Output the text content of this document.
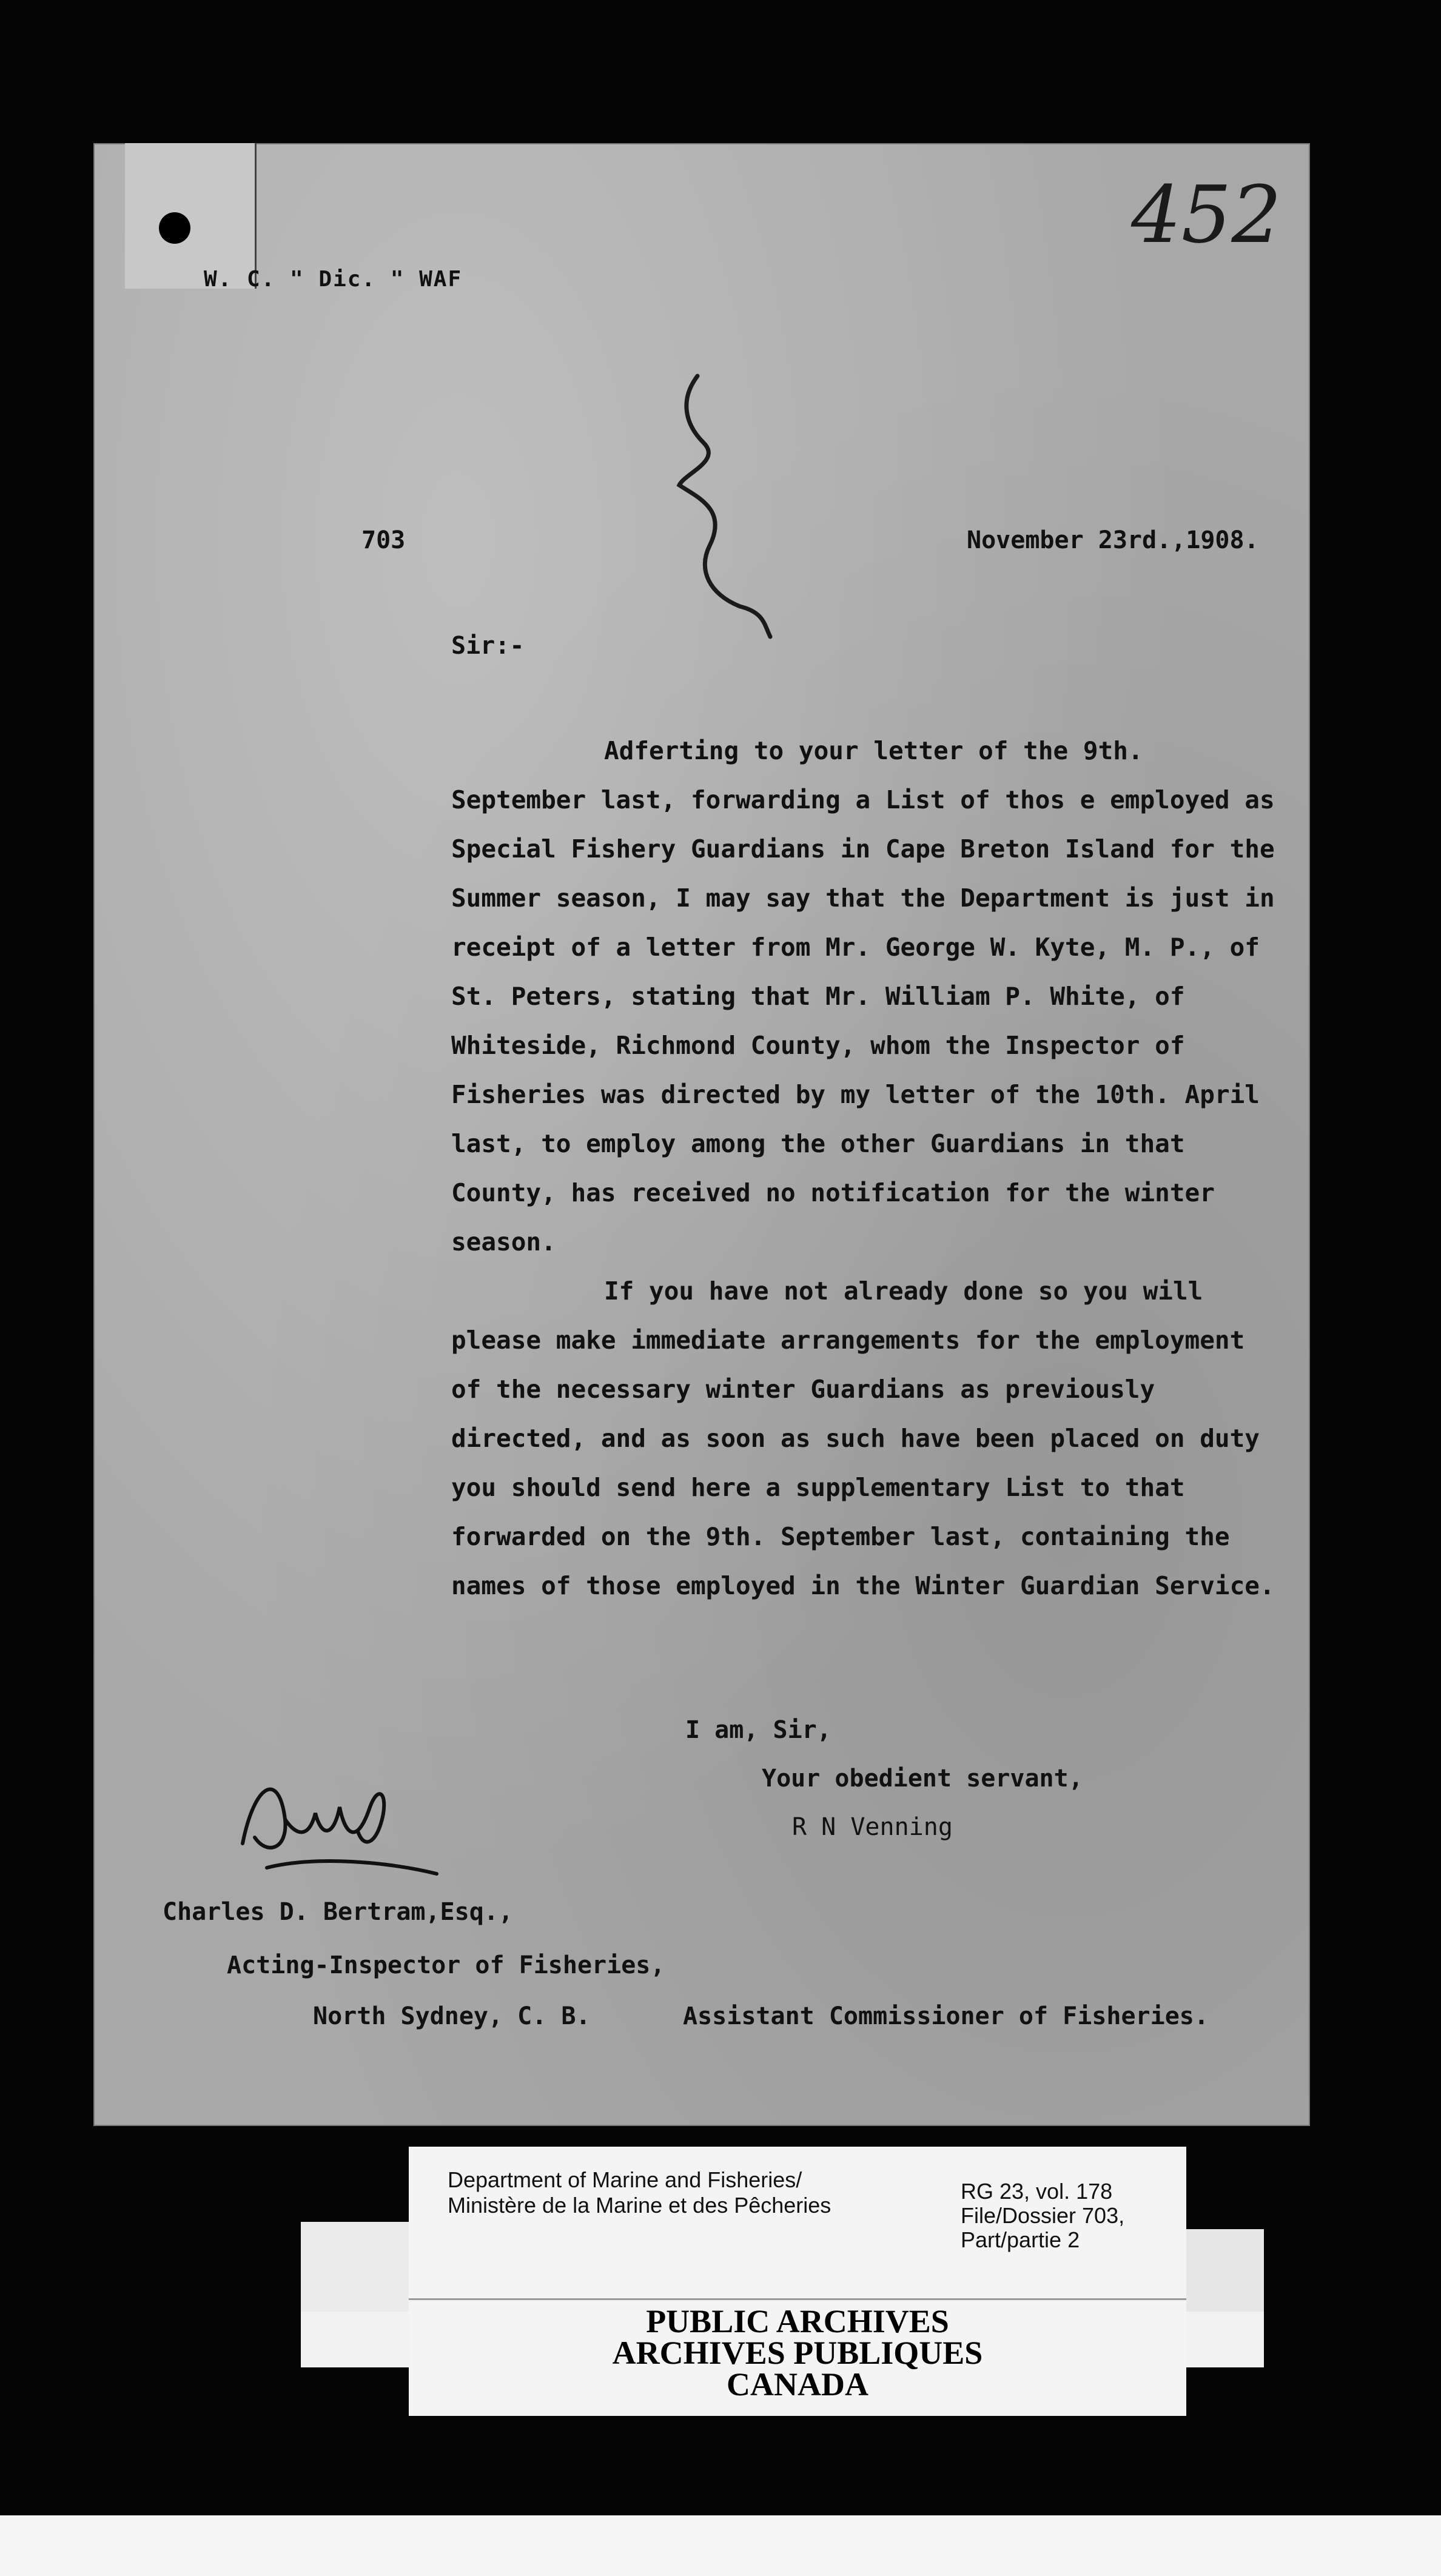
W. C. " Dic. " WAF
452
703	November 23rd.,1908.
Sir:-

Adferting to your letter of the 9th. September last, forwarding a List of thos e employed as Special Fishery Guardians in Cape Breton Island for the Summer season, I may say that the Department is just in receipt of a letter from Mr. George W. Kyte, M. P., of St. Peters, stating that Mr. William P. White, of Whiteside, Richmond County, whom the Inspector of Fisheries was directed by my letter of the 10th. April last, to employ among the other Guardians in that County, has received no notification for the winter season.

If you have not already done so you will please make immediate arrangements for the employment of the necessary winter Guardians as previously directed, and as soon as such have been placed on duty you should send here a supplementary List to that forwarded on the 9th. September last, containing the names of those employed in the Winter Guardian Service.

I am, Sir,
Your obedient servant,
R N Venning
Charles D. Bertram,Esq.,
Acting-Inspector of Fisheries,
North Sydney, C. B.	Assistant Commissioner of Fisheries.
Department of Marine and Fisheries/
Ministère de la Marine et des Pêcheries
RG 23, vol. 178
File/Dossier 703,
Part/partie 2
PUBLIC ARCHIVES
ARCHIVES PUBLIQUES
CANADA
